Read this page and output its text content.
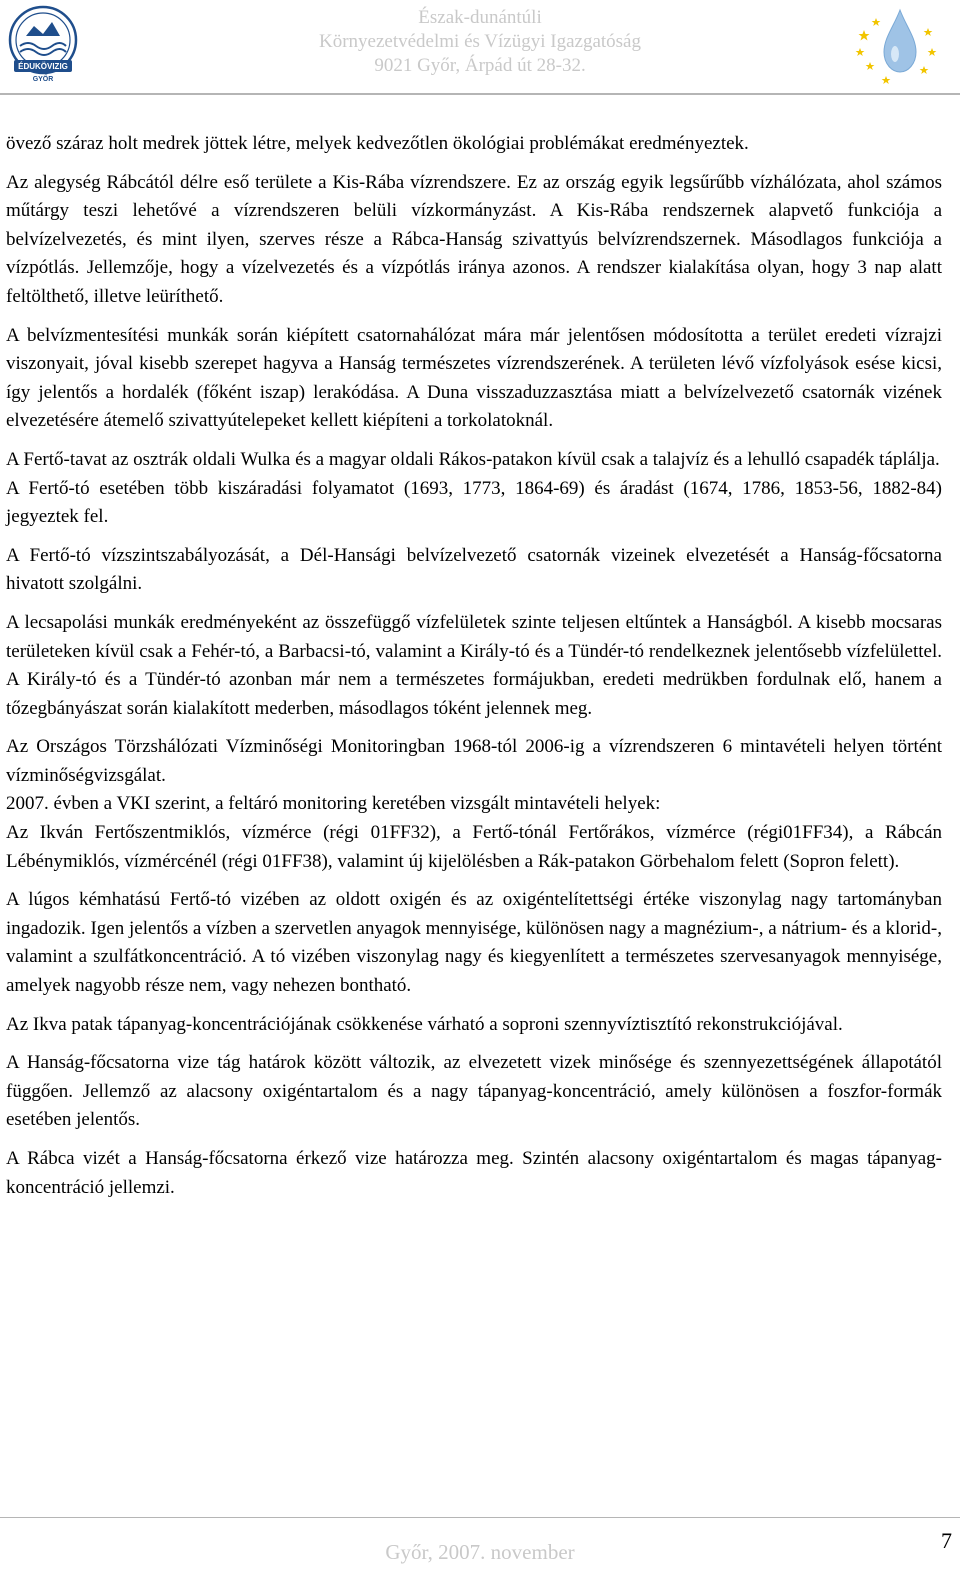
ÉDUKÖVIZIG
GYŐR
Észak-dunántúli
Környezetvédelmi és Vízügyi Igazgatóság
9021 Győr, Árpád út 28-32.

övező száraz holt medrek jöttek létre, melyek kedvezőtlen ökológiai problémákat eredményeztek.

Az alegység Rábcától délre eső területe a Kis-Rába vízrendszere. Ez az ország egyik legsűrűbb vízhálózata, ahol számos műtárgy teszi lehetővé a vízrendszeren belüli vízkormányzást. A Kis-Rába rendszernek alapvető funkciója a belvízelvezetés, és mint ilyen, szerves része a Rábca-Hanság szivattyús belvízrendszernek. Másodlagos funkciója a vízpótlás. Jellemzője, hogy a vízelvezetés és a vízpótlás iránya azonos. A rendszer kialakítása olyan, hogy 3 nap alatt feltölthető, illetve leüríthető.

A belvízmentesítési munkák során kiépített csatornahálózat mára már jelentősen módosította a terület eredeti vízrajzi viszonyait, jóval kisebb szerepet hagyva a Hanság természetes vízrendszerének. A területen lévő vízfolyások esése kicsi, így jelentős a hordalék (főként iszap) lerakódása. A Duna visszaduzzasztása miatt a belvízelvezető csatornák vizének elvezetésére átemelő szivattyútelepeket kellett kiépíteni a torkolatoknál.

A Fertő-tavat az osztrák oldali Wulka és a magyar oldali Rákos-patakon kívül csak a talajvíz és a lehulló csapadék táplálja.

A Fertő-tó esetében több kiszáradási folyamatot (1693, 1773, 1864-69) és áradást (1674, 1786, 1853-56, 1882-84) jegyeztek fel.

A Fertő-tó vízszintszabályozását, a Dél-Hansági belvízelvezető csatornák vizeinek elvezetését a Hanság-főcsatorna hivatott szolgálni.

A lecsapolási munkák eredményeként az összefüggő vízfelületek szinte teljesen eltűntek a Hanságból. A kisebb mocsaras területeken kívül csak a Fehér-tó, a Barbacsi-tó, valamint a Király-tó és a Tündér-tó rendelkeznek jelentősebb vízfelülettel. A Király-tó és a Tündér-tó azonban már nem a természetes formájukban, eredeti medrükben fordulnak elő, hanem a tőzegbányászat során kialakított mederben, másodlagos tóként jelennek meg.

Az Országos Törzshálózati Vízminőségi Monitoringban 1968-tól 2006-ig a vízrendszeren 6 mintavételi helyen történt vízminőségvizsgálat.

2007. évben a VKI szerint, a feltáró monitoring keretében vizsgált mintavételi helyek:

Az Ikván Fertőszentmiklós, vízmérce (régi 01FF32), a Fertő-tónál Fertőrákos, vízmérce (régi01FF34), a Rábcán Lébénymiklós, vízmércénél (régi 01FF38), valamint új kijelölésben a Rák-patakon Görbehalom felett (Sopron felett).

A lúgos kémhatású Fertő-tó vizében az oldott oxigén és az oxigéntelítettségi értéke viszonylag nagy tartományban ingadozik. Igen jelentős a vízben a szervetlen anyagok mennyisége, különösen nagy a magnézium-, a nátrium- és a klorid-, valamint a szulfátkoncentráció. A tó vizében viszonylag nagy és kiegyenlített a természetes szervesanyagok mennyisége, amelyek nagyobb része nem, vagy nehezen bontható.

Az Ikva patak tápanyag-koncentrációjának csökkenése várható a soproni szennyvíztisztító rekonstrukciójával.

A Hanság-főcsatorna vize tág határok között változik, az elvezetett vizek minősége és szennyezettségének állapotától függően. Jellemző az alacsony oxigéntartalom és a nagy tápanyag-koncentráció, amely különösen a foszfor-formák esetében jelentős.

A Rábca vizét a Hanság-főcsatorna érkező vize határozza meg. Szintén alacsony oxigéntartalom és magas tápanyag-koncentráció jellemzi.

Győr, 2007. november	7
